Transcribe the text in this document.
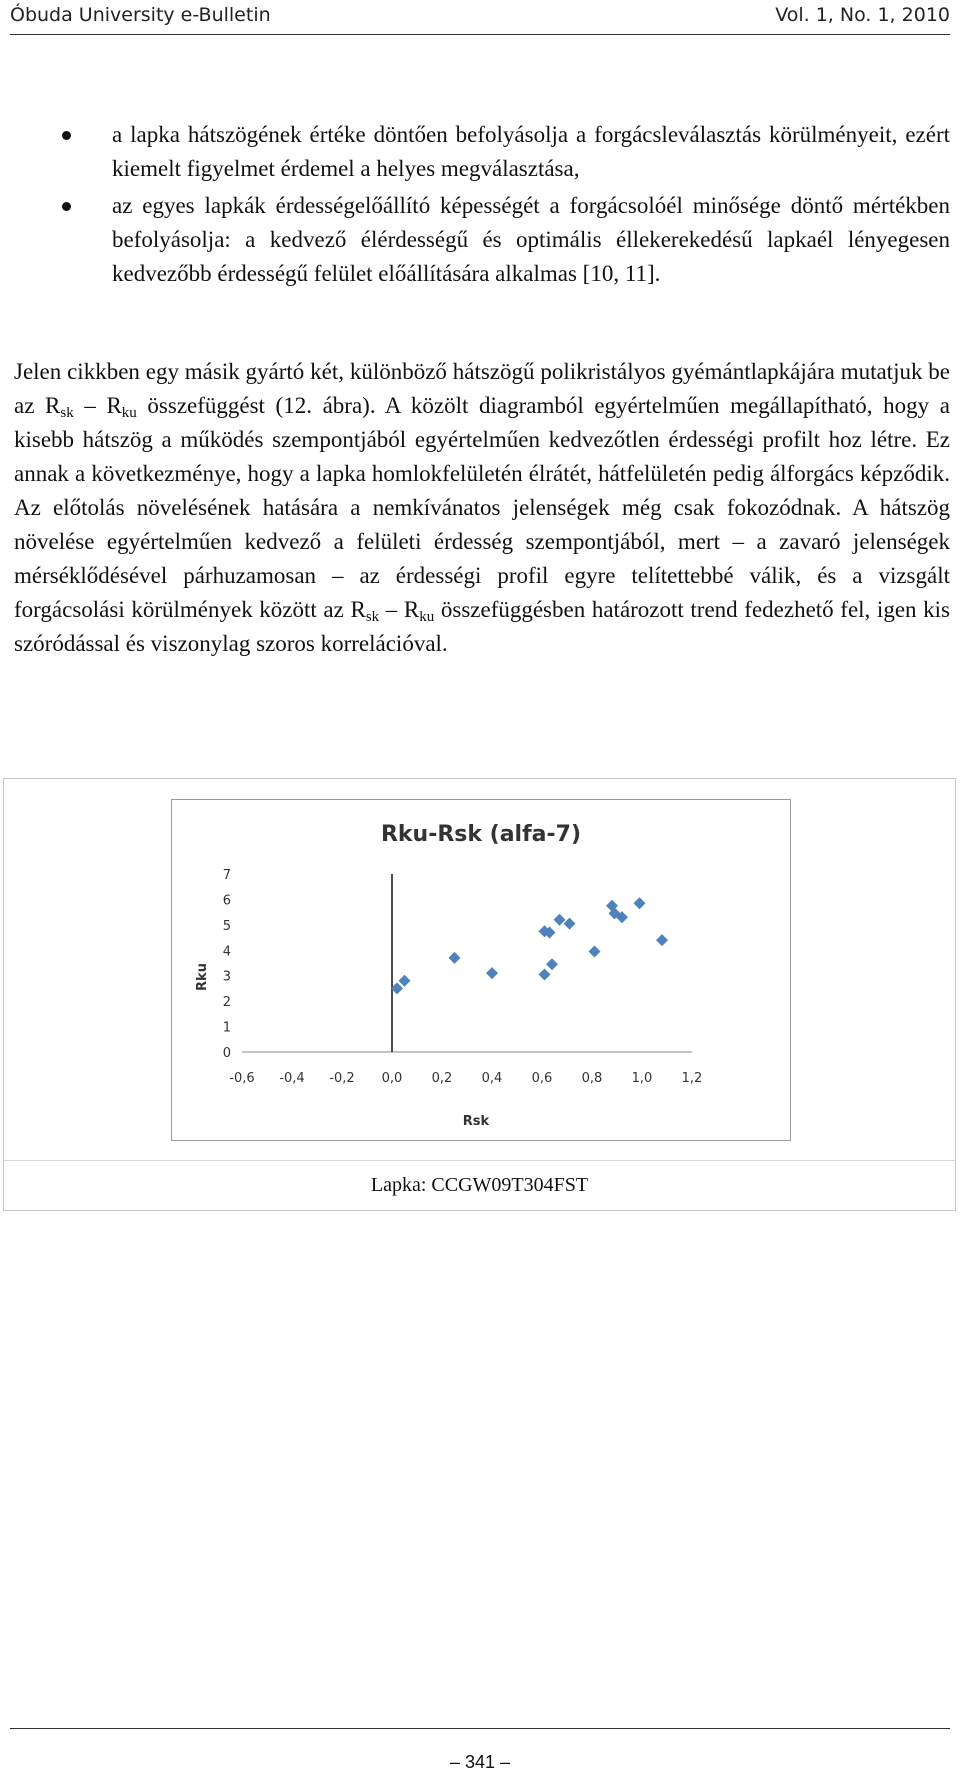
Óbuda University e-Bulletin	Vol. 1, No. 1, 2010
a lapka hátszögének értéke döntően befolyásolja a forgácsleválasztás körülményeit, ezért kiemelt figyelmet érdemel a helyes megválasztása,
az egyes lapkák érdességelőállító képességét a forgácsolóél minősége döntő mértékben befolyásolja: a kedvező élérdességű és optimális éllekerekedésű lapkaél lényegesen kedvezőbb érdességű felület előállítására alkalmas [10, 11].

Jelen cikkben egy másik gyártó két, különböző hátszögű polikristályos gyémántlapkájára mutatjuk be az $R_{sk} - R_{ku}$ összefüggést (12. ábra). A közölt diagramból egyértelműen megállapítható, hogy a kisebb hátszög a működés szempontjából egyértelműen kedvezőtlen érdességi profilt hoz létre. Ez annak a következménye, hogy a lapka homlokfelületén élrátét, hátfelületén pedig álforgács képződik. Az előtolás növelésének hatására a nemkívánatos jelenségek még csak fokozódnak. A hátszög növelése egyértelműen kedvező a felületi érdesség szempontjából, mert – a zavaró jelenségek mérséklődésével párhuzamosan – az érdességi profil egyre telítettebbé válik, és a vizsgált forgácsolási körülmények között az $R_{sk} - R_{ku}$ összefüggésben határozott trend fedezhető fel, igen kis szóródással és viszonylag szoros korrelációval.

Rku-Rsk (alfa-7)
Rsk
Rku
0
1
2
3
4
5
6
7
-0,6 -0,4 -0,2 0,0 0,2 0,4 0,6 0,8 1,0 1,2
Lapka: CCGW09T304FST
– 341 –
